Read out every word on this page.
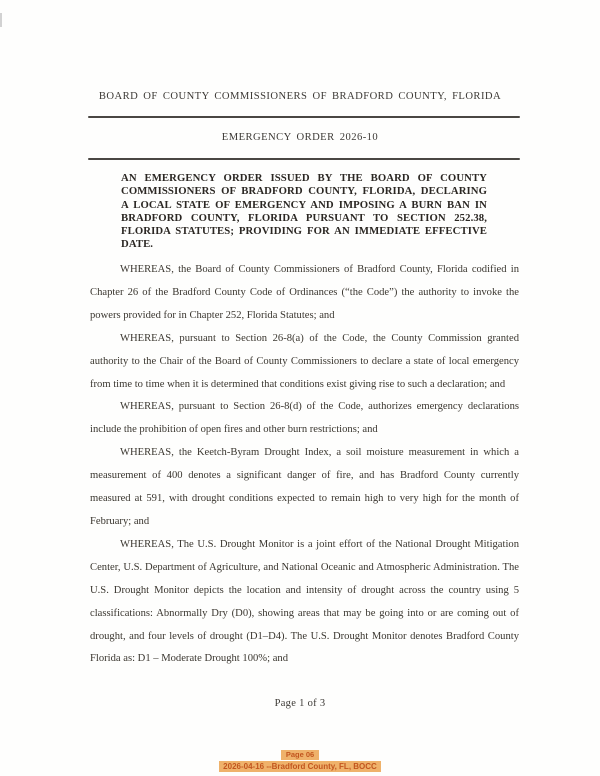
BOARD OF COUNTY COMMISSIONERS OF BRADFORD COUNTY, FLORIDA
EMERGENCY ORDER 2026-10
AN EMERGENCY ORDER ISSUED BY THE BOARD OF COUNTY
COMMISSIONERS OF BRADFORD COUNTY, FLORIDA, DECLARING
A LOCAL STATE OF EMERGENCY AND IMPOSING A BURN BAN IN
BRADFORD COUNTY, FLORIDA PURSUANT TO SECTION 252.38,
FLORIDA STATUTES; PROVIDING FOR AN IMMEDIATE EFFECTIVE
DATE.

WHEREAS, the Board of County Commissioners of Bradford County, Florida codified in Chapter 26 of the Bradford County Code of Ordinances (“the Code”) the authority to invoke the powers provided for in Chapter 252, Florida Statutes; and

WHEREAS, pursuant to Section 26-8(a) of the Code, the County Commission granted authority to the Chair of the Board of County Commissioners to declare a state of local emergency from time to time when it is determined that conditions exist giving rise to such a declaration; and

WHEREAS, pursuant to Section 26-8(d) of the Code, authorizes emergency declarations include the prohibition of open fires and other burn restrictions; and

WHEREAS, the Keetch-Byram Drought Index, a soil moisture measurement in which a measurement of 400 denotes a significant danger of fire, and has Bradford County currently measured at 591, with drought conditions expected to remain high to very high for the month of February; and

WHEREAS, The U.S. Drought Monitor is a joint effort of the National Drought Mitigation Center, U.S. Department of Agriculture, and National Oceanic and Atmospheric Administration. The U.S. Drought Monitor depicts the location and intensity of drought across the country using 5 classifications: Abnormally Dry (D0), showing areas that may be going into or are coming out of drought, and four levels of drought (D1–D4). The U.S. Drought Monitor denotes Bradford County Florida as: D1 – Moderate Drought 100%; and

Page 1 of 3
Page 06
2026-04-16 --Bradford County, FL, BOCC
